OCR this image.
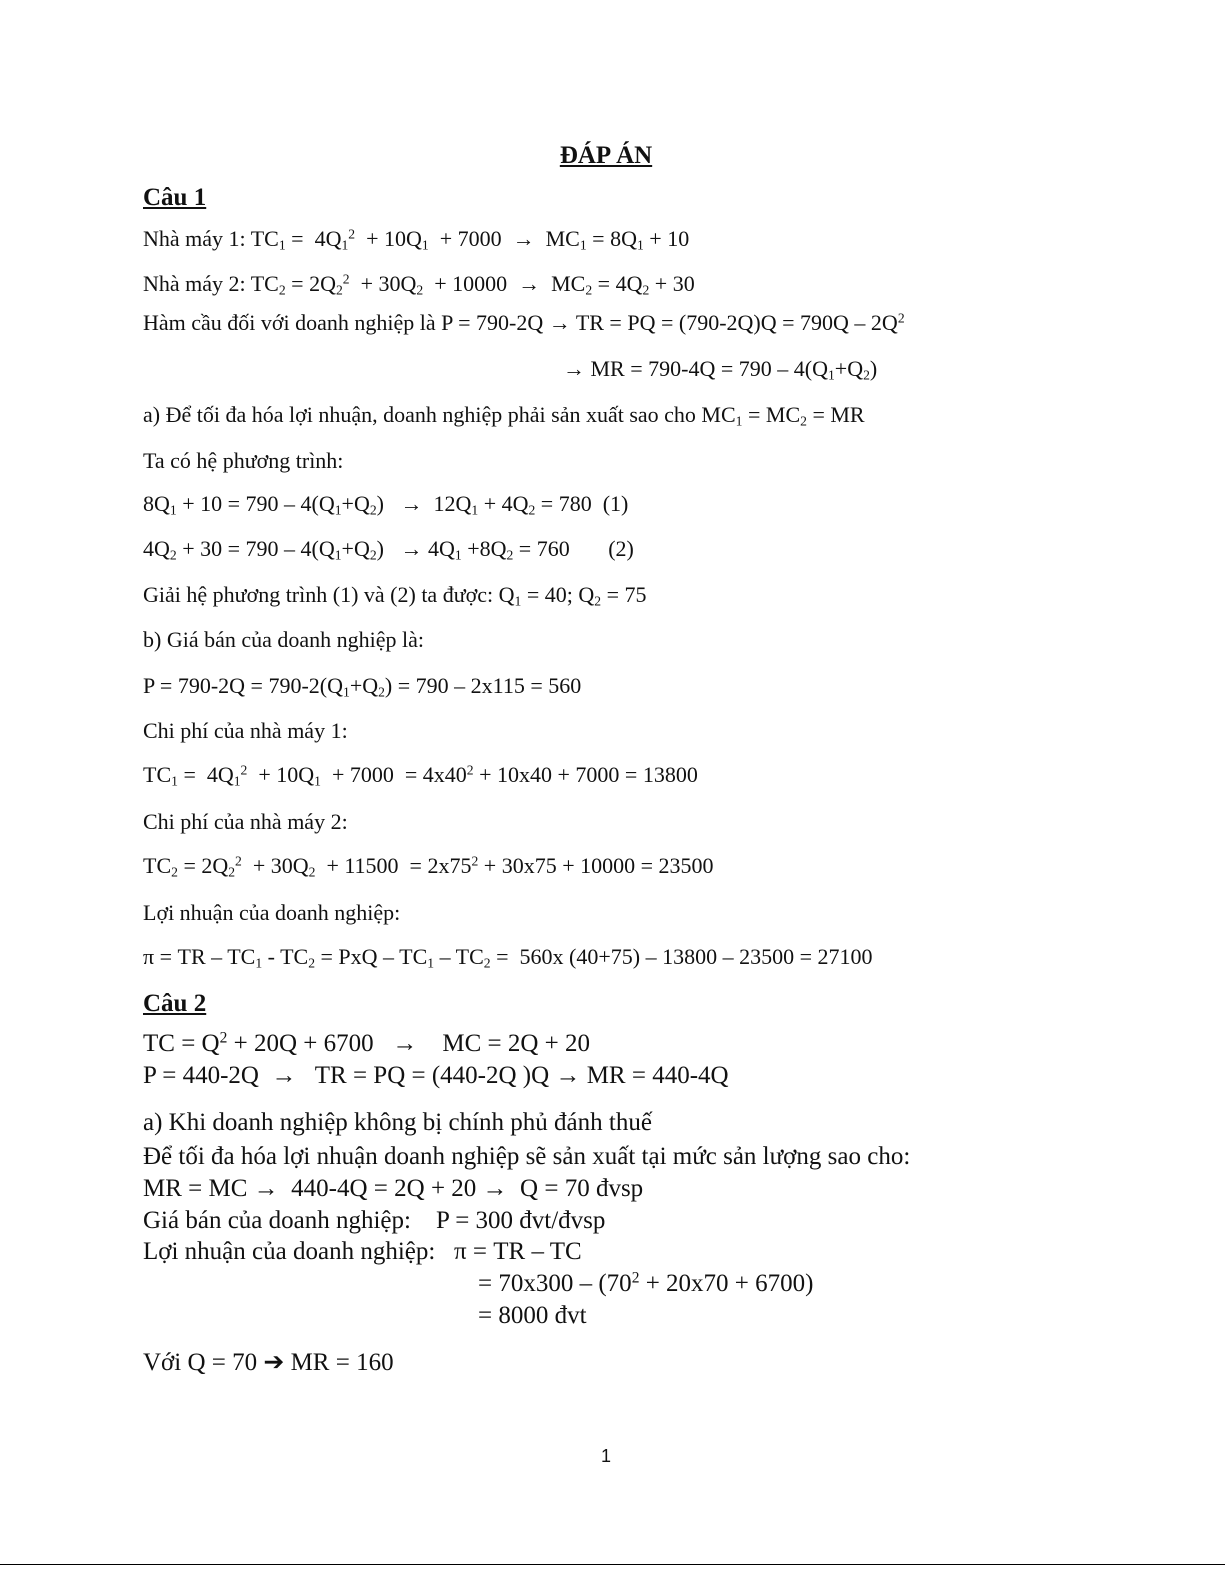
ĐÁP ÁN
Câu 1
Nhà máy 1: $TC_1 = 4Q_1^2 + 10Q_1 + 7000 \to MC_1 = 8Q_1 + 10$
Nhà máy 2: $TC_2 = 2Q_2^2 + 30Q_2 + 10000 \to MC_2 = 4Q_2 + 30$
Hàm cầu đối với doanh nghiệp là P = 790-2Q → TR = PQ = $(790-2Q)Q = 790Q - 2Q^2$
→ MR = $790-4Q = 790 - 4(Q_1+Q_2)$
a) Để tối đa hóa lợi nhuận, doanh nghiệp phải sản xuất sao cho $MC_1 = MC_2$ = MR
Ta có hệ phương trình:
$8Q_1 + 10 = 790 - 4(Q_1+Q_2) \to 12Q_1 + 4Q_2 = 780$  (1)
$4Q_2 + 30 = 790 - 4(Q_1+Q_2) \to 4Q_1 +8Q_2 = 760$       (2)
Giải hệ phương trình (1) và (2) ta được: $Q_1 = 40$; $Q_2 = 75$
b) Giá bán của doanh nghiệp là:
$P = 790-2Q = 790-2(Q_1+Q_2) = 790 - 2x115 = 560$
Chi phí của nhà máy 1:
$TC_1 = 4Q_1^2 + 10Q_1 + 7000 = 4x40^2 + 10x40 + 7000 = 13800$
Chi phí của nhà máy 2:
$TC_2 = 2Q_2^2 + 30Q_2 + 11500 = 2x75^2 + 30x75 + 10000 = 23500$
Lợi nhuận của doanh nghiệp:
π = TR – $TC_1 - TC_2$ = PxQ – $TC_1 - TC_2 = 560x$ (40+75) – 13800 – 23500 = 27100
Câu 2
TC = $Q^2 + 20Q + 6700$   →    MC = 2Q + 20
P = 440-2Q  →   TR = PQ = (440-2Q )Q → MR = 440-4Q
a) Khi doanh nghiệp không bị chính phủ đánh thuế
Để tối đa hóa lợi nhuận doanh nghiệp sẽ sản xuất tại mức sản lượng sao cho:
MR = MC →  440-4Q = 2Q + 20 →  Q = 70 đvsp
Giá bán của doanh nghiệp:    P = 300 đvt/đvsp
Lợi nhuận của doanh nghiệp:   π = TR – TC
= $70x300 - (70^2 + 20x70 + 6700)$
= 8000 đvt
Với Q = 70 ➔ MR = 160
1
